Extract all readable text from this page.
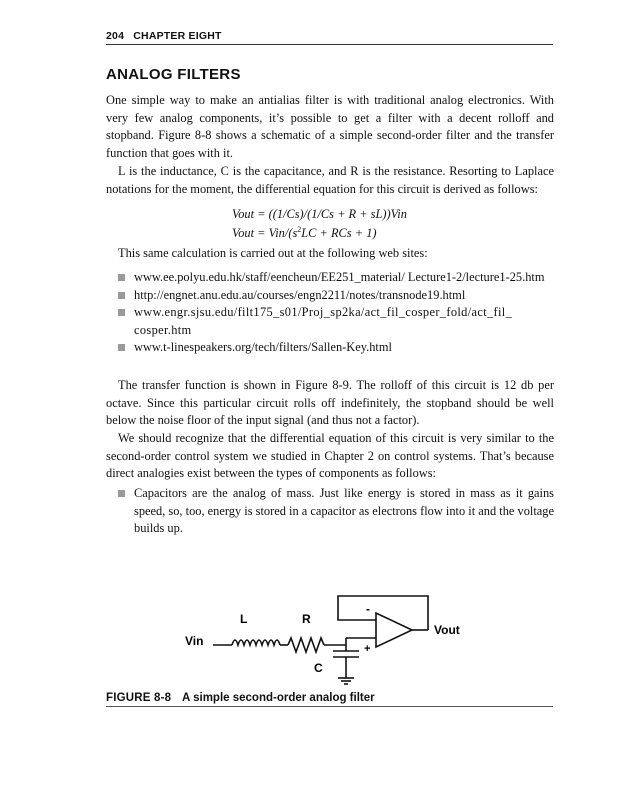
204 CHAPTER EIGHT
ANALOG FILTERS

One simple way to make an antialias filter is with traditional analog electronics. With very few analog components, it’s possible to get a filter with a decent rolloff and stopband. Figure 8-8 shows a schematic of a simple second-order filter and the transfer function that goes with it.

L is the inductance, C is the capacitance, and R is the resistance. Resorting to Laplace notations for the moment, the differential equation for this circuit is derived as follows:

Vout = ((1/Cs)/(1/Cs + R + sL))Vin
Vout = Vin/($s^2LC$ + RCs + 1)

This same calculation is carried out at the following web sites:

www.ee.polyu.edu.hk/staff/eencheun/EE251_material/ Lecture1-2/lecture1-25.htm
http://engnet.anu.edu.au/courses/engn2211/notes/transnode19.html
www.engr.sjsu.edu/filt175_s01/Proj_sp2ka/act_fil_cosper_fold/act_fil_ cosper.htm
www.t-linespeakers.org/tech/filters/Sallen-Key.html

The transfer function is shown in Figure 8-9. The rolloff of this circuit is 12 db per octave. Since this particular circuit rolls off indefinitely, the stopband should be well below the noise floor of the input signal (and thus not a factor).

We should recognize that the differential equation of this circuit is very similar to the second-order control system we studied in Chapter 2 on control systems. That’s because direct analogies exist between the types of components as follows:

Capacitors are the analog of mass. Just like energy is stored in mass as it gains speed, so, too, energy is stored in a capacitor as electrons flow into it and the voltage builds up.
Vin
Vout
L	R
C
-
+
FIGURE 8-8 A simple second-order analog filter
